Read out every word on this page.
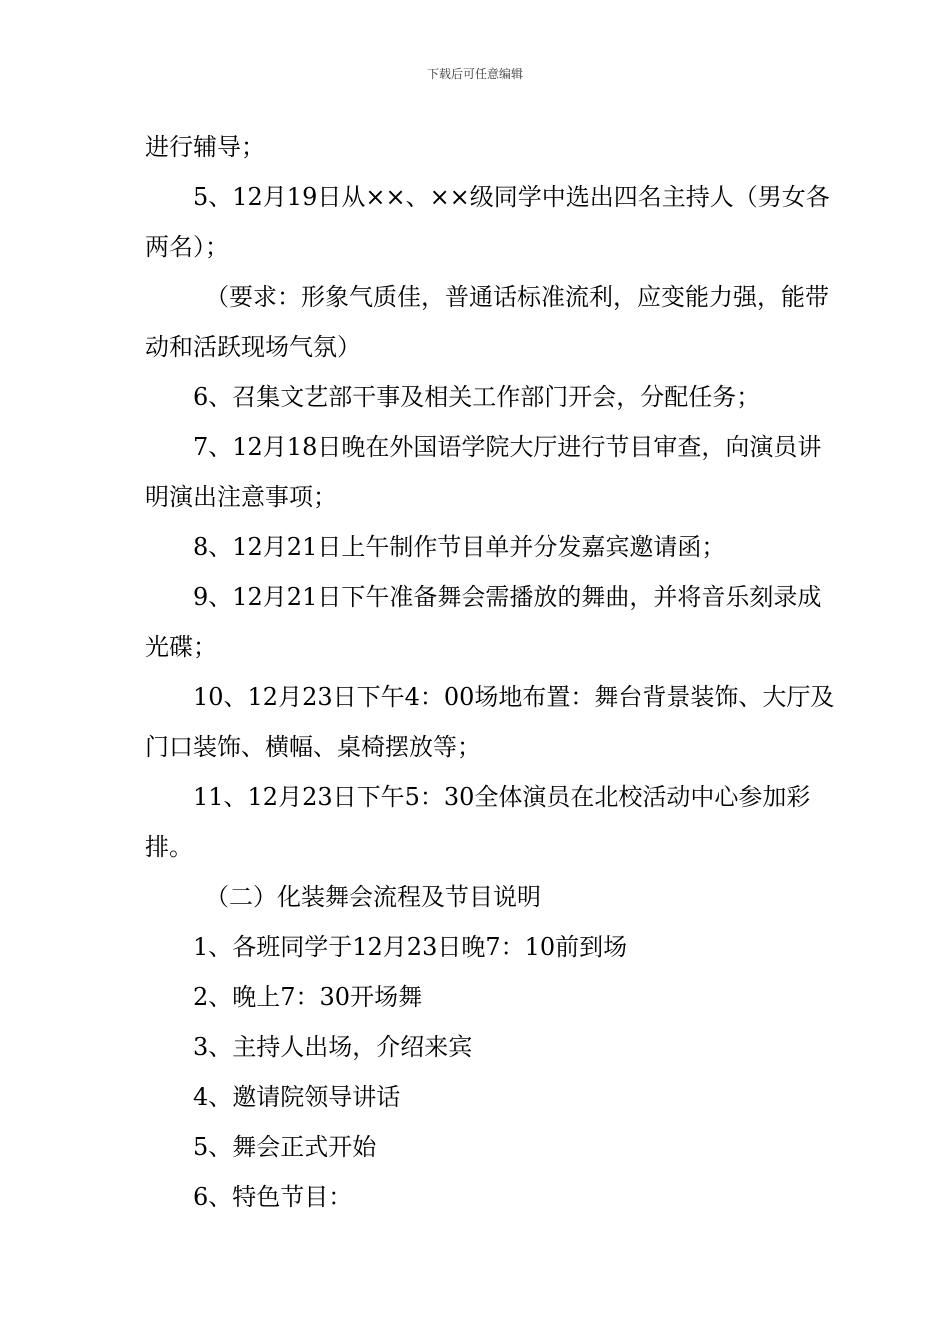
下载后可任意编辑

进行辅导；

5、12月19日从××、××级同学中选出四名主持人（男女各两名）；

（要求：形象气质佳，普通话标准流利，应变能力强，能带动和活跃现场气氛）

6、召集文艺部干事及相关工作部门开会，分配任务；

7、12月18日晚在外国语学院大厅进行节目审查，向演员讲明演出注意事项；

8、12月21日上午制作节目单并分发嘉宾邀请函；

9、12月21日下午准备舞会需播放的舞曲，并将音乐刻录成光碟；

10、12月23日下午4：00场地布置：舞台背景装饰、大厅及门口装饰、横幅、桌椅摆放等；

11、12月23日下午5：30全体演员在北校活动中心参加彩排。

（二）化装舞会流程及节目说明

1、各班同学于12月23日晚7：10前到场

2、晚上7：30开场舞

3、主持人出场，介绍来宾

4、邀请院领导讲话

5、舞会正式开始

6、特色节目：
